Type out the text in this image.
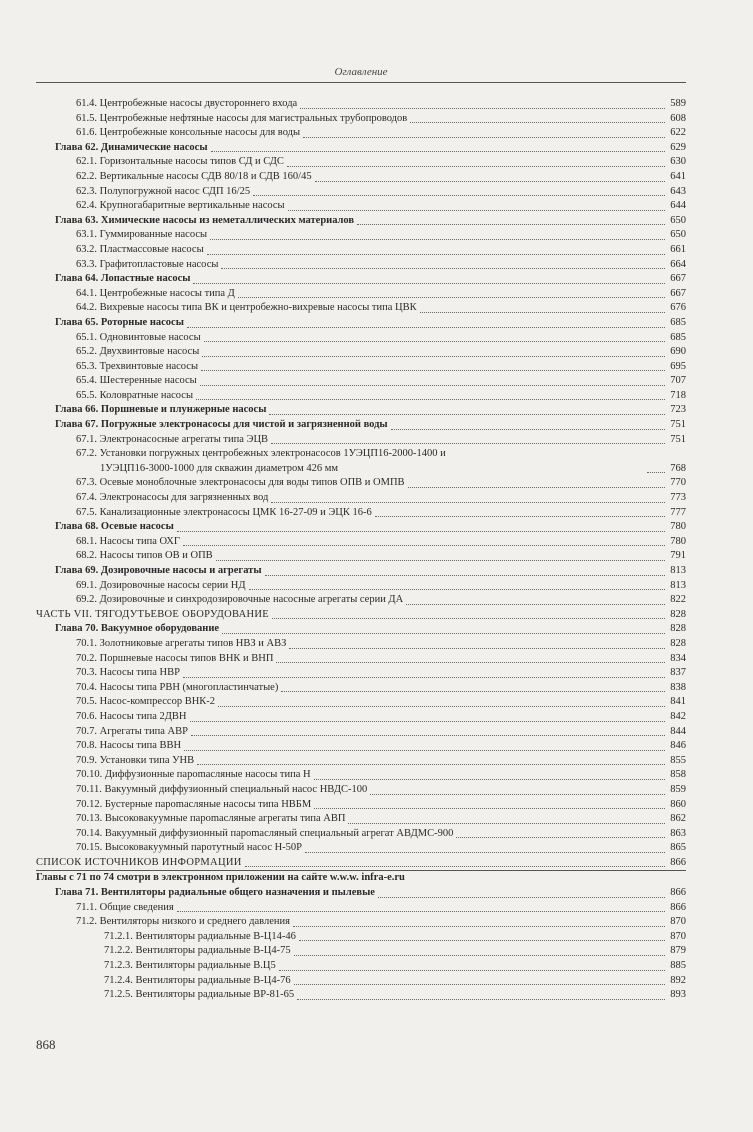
Оглавление
61.4. Центробежные насосы двустороннего входа	589
61.5. Центробежные нефтяные насосы для магистральных трубопроводов	608
61.6. Центробежные консольные насосы для воды	622
Глава 62. Динамические насосы	629
62.1. Горизонтальные насосы типов СД и СДС	630
62.2. Вертикальные насосы СДВ 80/18 и СДВ 160/45	641
62.3. Полупогружной насос СДП 16/25	643
62.4. Крупногабаритные вертикальные насосы	644
Глава 63. Химические насосы из неметаллических материалов	650
63.1. Гуммированные насосы	650
63.2. Пластмассовые насосы	661
63.3. Графитопластовые насосы	664
Глава 64. Лопастные насосы	667
64.1. Центробежные насосы типа Д	667
64.2. Вихревые насосы типа ВК и центробежно-вихревые насосы типа ЦВК	676
Глава 65. Роторные насосы	685
65.1. Одновинтовые насосы	685
65.2. Двухвинтовые насосы	690
65.3. Трехвинтовые насосы	695
65.4. Шестеренные насосы	707
65.5. Коловратные насосы	718
Глава 66. Поршневые и плунжерные насосы	723
Глава 67. Погружные электронасосы для чистой и загрязненной воды	751
67.1. Электронасосные агрегаты типа ЭЦВ	751
67.2. Установки погружных центробежных электронасосов 1УЭЦП16-2000-1400 и
1УЭЦП16-3000-1000 для скважин диаметром 426 мм	768
67.3. Осевые моноблочные электронасосы для воды типов ОПВ и ОМПВ	770
67.4. Электронасосы для загрязненных вод	773
67.5. Канализационные электронасосы ЦМК 16-27-09 и ЭЦК 16-6	777
Глава 68. Осевые насосы	780
68.1. Насосы типа ОХГ	780
68.2. Насосы типов ОВ и ОПВ	791
Глава 69. Дозировочные насосы и агрегаты	813
69.1. Дозировочные насосы серии НД	813
69.2. Дозировочные и синхродозировочные насосные агрегаты серии ДА	822
ЧАСТЬ VII. ТЯГОДУТЬЕВОЕ ОБОРУДОВАНИЕ	828
Глава 70. Вакуумное оборудование	828
70.1. Золотниковые агрегаты типов НВЗ и АВЗ	828
70.2. Поршневые насосы типов ВНК и ВНП	834
70.3. Насосы типа НВР	837
70.4. Насосы типа РВН (многопластинчатые)	838
70.5. Насос-компрессор ВНК-2	841
70.6. Насосы типа 2ДВН	842
70.7. Агрегаты типа АВР	844
70.8. Насосы типа ВВН	846
70.9. Установки типа УНВ	855
70.10. Диффузионные пароmасляные насосы типа Н	858
70.11. Вакуумный диффузионный специальный насос НВДС-100	859
70.12. Бустерные пароmасляные насосы типа НВБМ	860
70.13. Высоковакуумные пароmасляные агрегаты типа АВП	862
70.14. Вакуумный диффузионный пароmасляный специальный агрегат АВДМС-900	863
70.15. Высоковакуумный паротутный насос Н-50Р	865
СПИСОК ИСТОЧНИКОВ ИНФОРМАЦИИ	866
Главы с 71 по 74 смотри в электронном приложении на сайте w.w.w. infra-e.ru
Глава 71. Вентиляторы радиальные общего назначения и пылевые	866
71.1. Общие сведения	866
71.2. Вентиляторы низкого и среднего давления	870
71.2.1. Вентиляторы радиальные В-Ц14-46	870
71.2.2. Вентиляторы радиальные В-Ц4-75	879
71.2.3. Вентиляторы радиальные В.Ц5	885
71.2.4. Вентиляторы радиальные В-Ц4-76	892
71.2.5. Вентиляторы радиальные ВР-81-65	893
868
